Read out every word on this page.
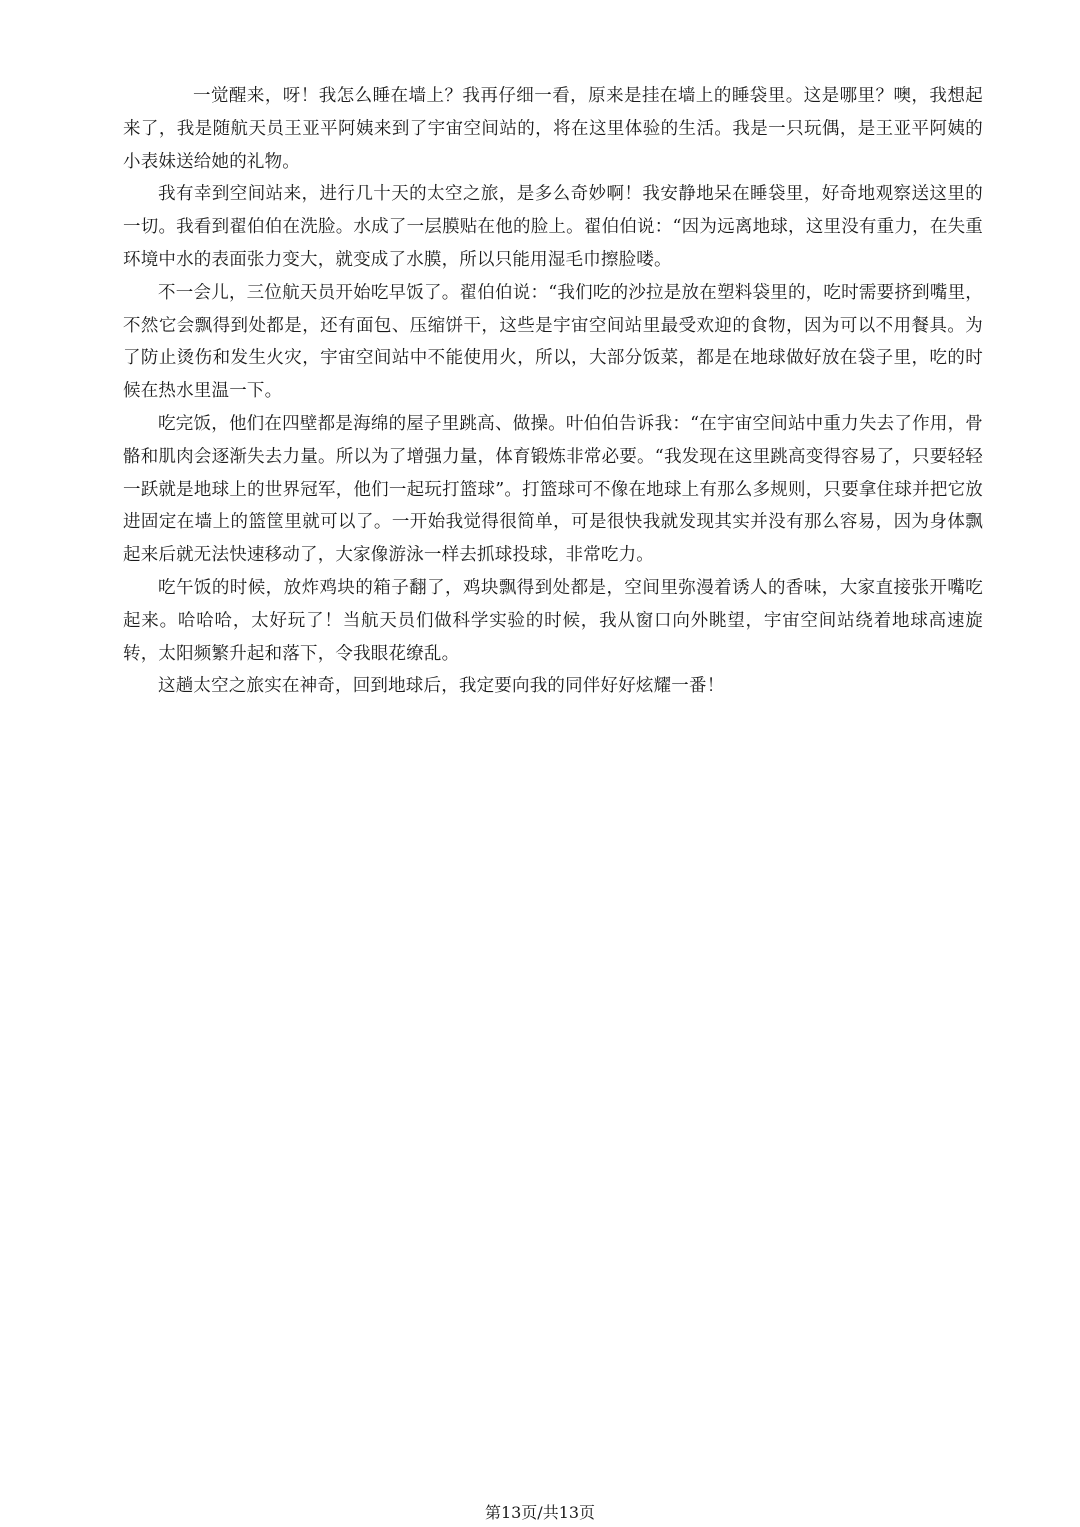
一觉醒来，呀！我怎么睡在墙上？我再仔细一看，原来是挂在墙上的睡袋里。这是哪里？噢，我想起来了，我是随航天员王亚平阿姨来到了宇宙空间站的，将在这里体验的生活。我是一只玩偶，是王亚平阿姨的小表妹送给她的礼物。

我有幸到空间站来，进行几十天的太空之旅，是多么奇妙啊！我安静地呆在睡袋里，好奇地观察送这里的一切。我看到翟伯伯在洗脸。水成了一层膜贴在他的脸上。翟伯伯说：“因为远离地球，这里没有重力，在失重环境中水的表面张力变大，就变成了水膜，所以只能用湿毛巾擦脸喽。

不一会儿，三位航天员开始吃早饭了。翟伯伯说：“我们吃的沙拉是放在塑料袋里的，吃时需要挤到嘴里，不然它会飘得到处都是，还有面包、压缩饼干，这些是宇宙空间站里最受欢迎的食物，因为可以不用餐具。为了防止烫伤和发生火灾，宇宙空间站中不能使用火，所以，大部分饭菜，都是在地球做好放在袋子里，吃的时候在热水里温一下。

吃完饭，他们在四壁都是海绵的屋子里跳高、做操。叶伯伯告诉我：“在宇宙空间站中重力失去了作用，骨骼和肌肉会逐渐失去力量。所以为了增强力量，体育锻炼非常必要。“我发现在这里跳高变得容易了，只要轻轻一跃就是地球上的世界冠军，他们一起玩打篮球”。打篮球可不像在地球上有那么多规则，只要拿住球并把它放进固定在墙上的篮筐里就可以了。一开始我觉得很简单，可是很快我就发现其实并没有那么容易，因为身体飘起来后就无法快速移动了，大家像游泳一样去抓球投球，非常吃力。

吃午饭的时候，放炸鸡块的箱子翻了，鸡块飘得到处都是，空间里弥漫着诱人的香味，大家直接张开嘴吃起来。哈哈哈，太好玩了！当航天员们做科学实验的时候，我从窗口向外眺望，宇宙空间站绕着地球高速旋转，太阳频繁升起和落下，令我眼花缭乱。

这趟太空之旅实在神奇，回到地球后，我定要向我的同伴好好炫耀一番！

第13页/共13页
